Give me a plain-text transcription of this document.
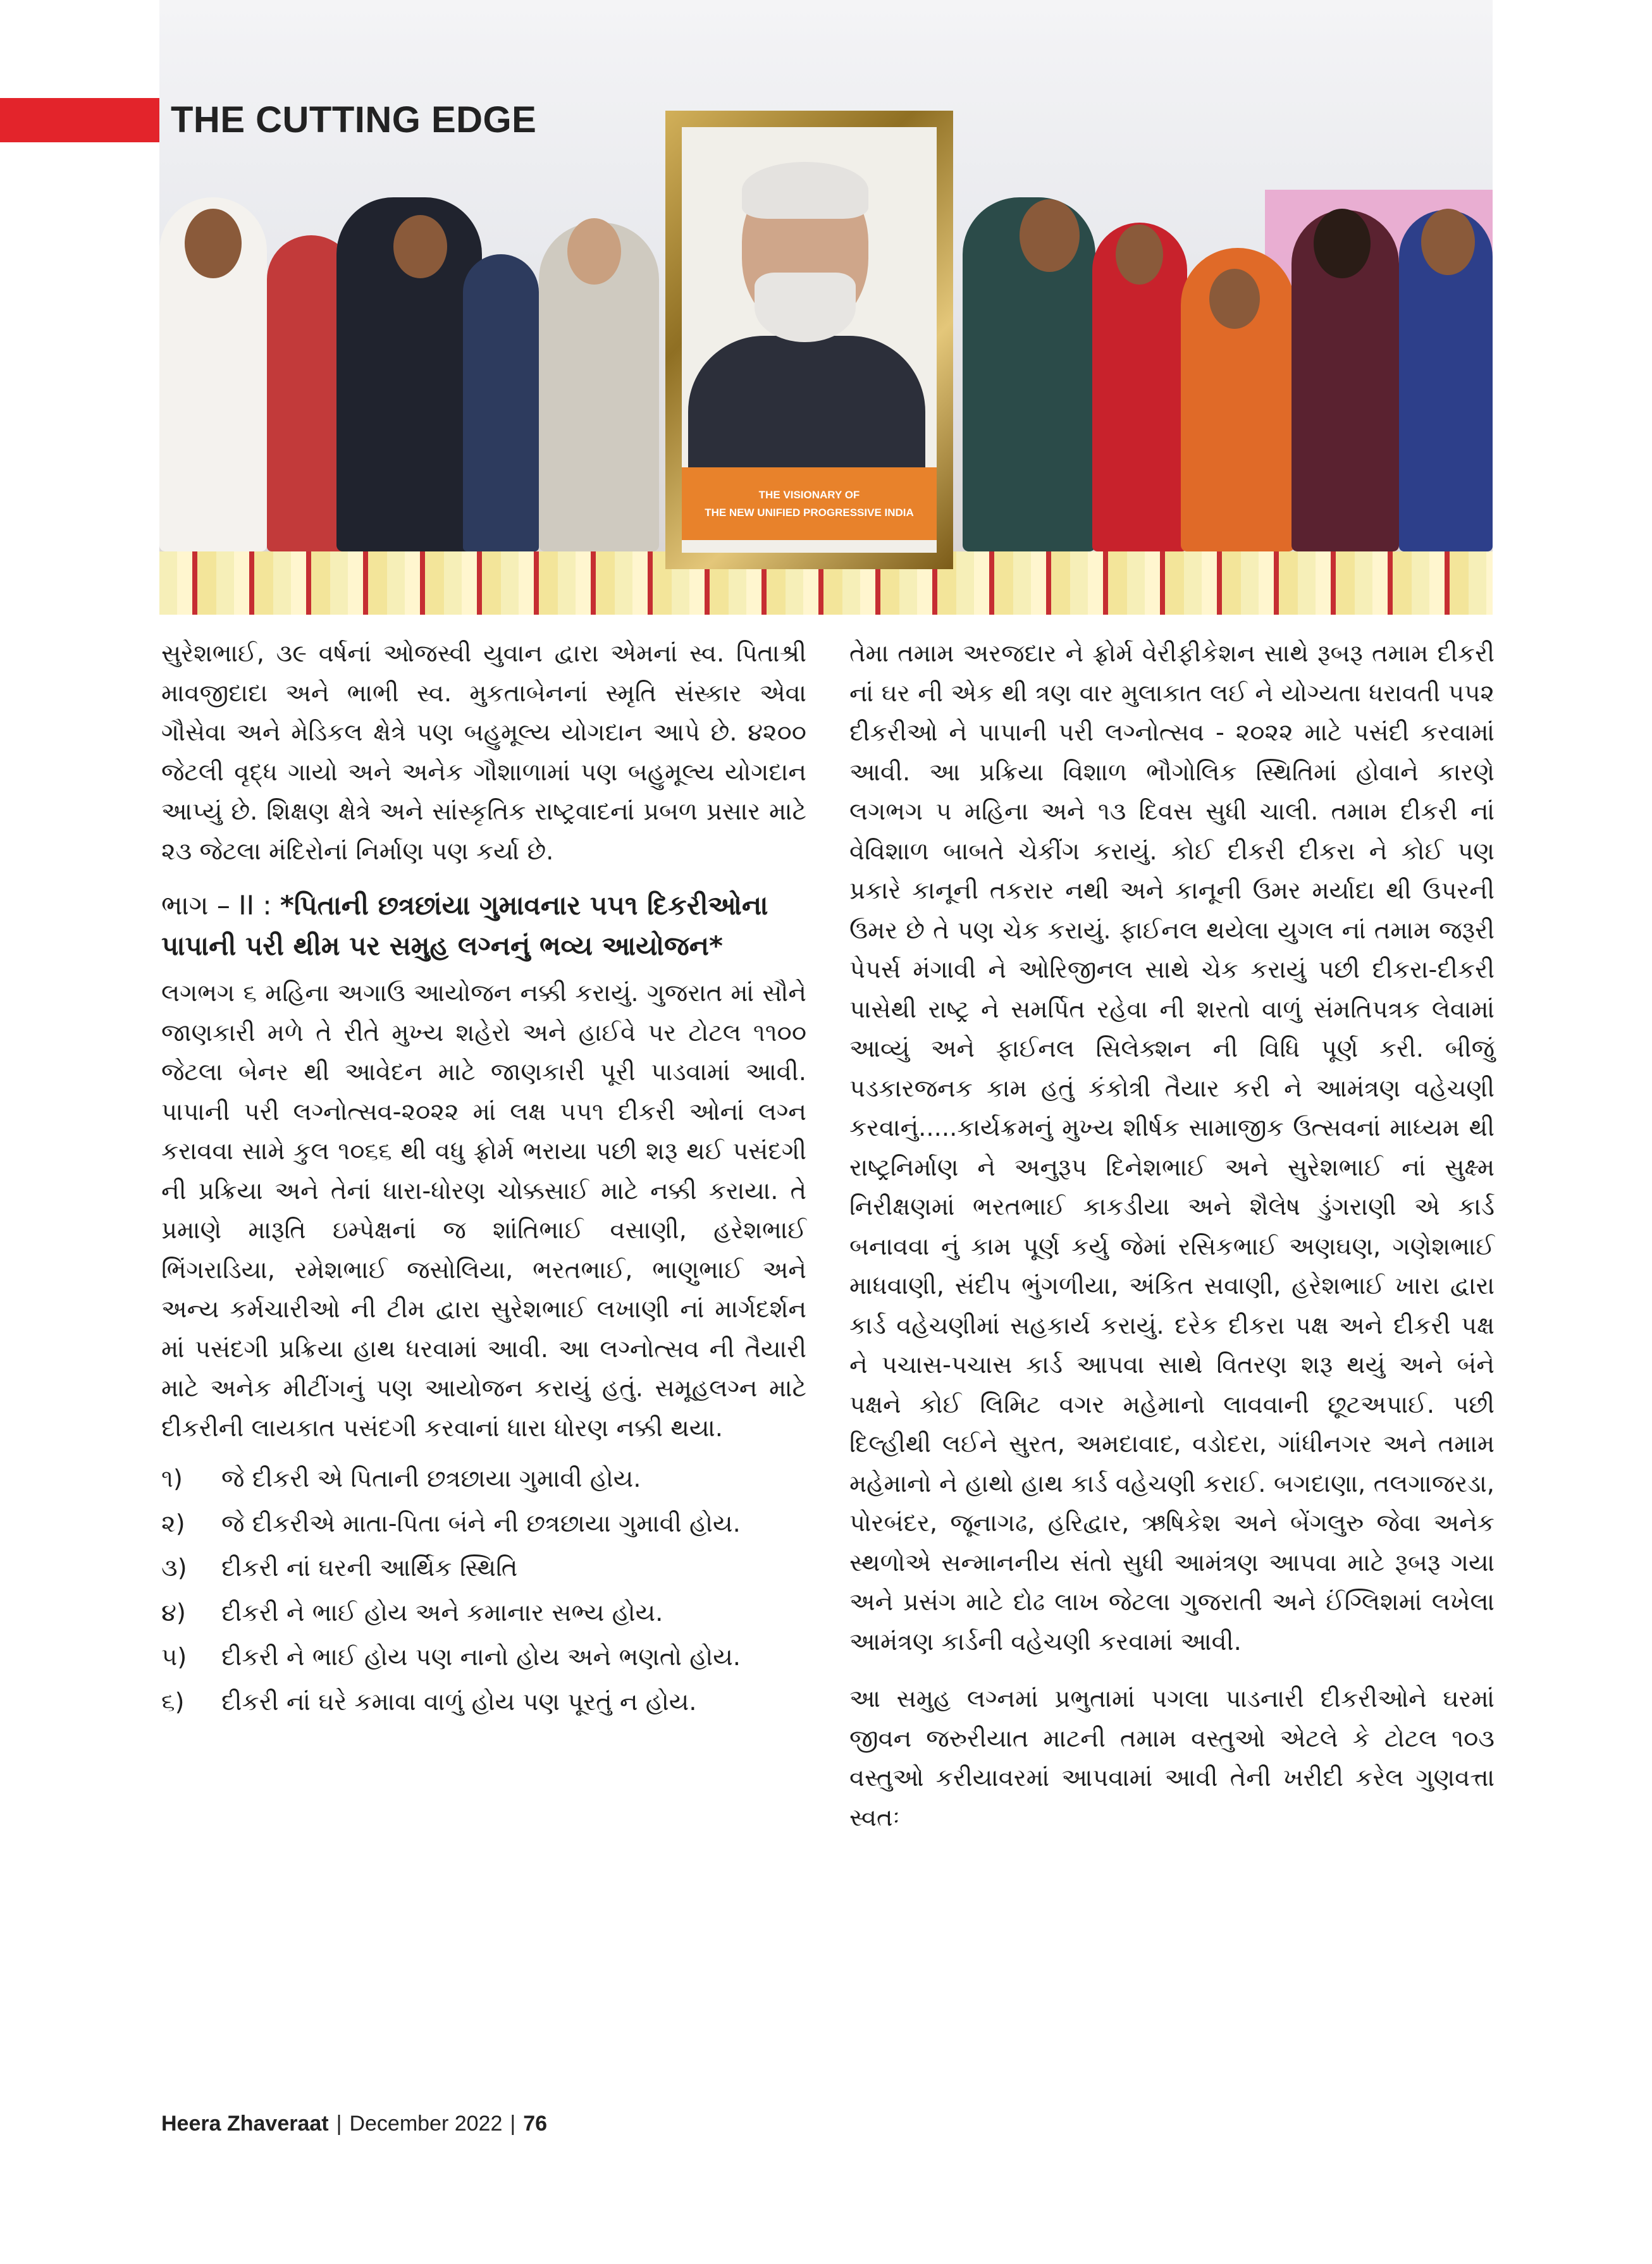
THE VISIONARY OF
THE NEW UNIFIED PROGRESSIVE INDIA
THE CUTTING EDGE

સુરેશભાઈ, ૩૯ વર્ષનાં ઓજસ્વી યુવાન દ્વારા એમનાં સ્વ. પિતાશ્રી માવજીદાદા અને ભાભી સ્વ. મુકતાબેનનાં સ્મૃતિ સંસ્કાર એવા ગૌસેવા અને મેડિકલ ક્ષેત્રે પણ બહુમૂલ્ય યોગદાન આપે છે. ૪૨૦૦ જેટલી વૃદ્ધ ગાયો અને અનેક ગૌશાળામાં પણ બહુમૂલ્ય યોગદાન આપ્યું છે. શિક્ષણ ક્ષેત્રે અને સાંસ્કૃતિક રાષ્ટ્રવાદનાં પ્રબળ પ્રસાર માટે ૨૩ જેટલા મંદિરોનાં નિર્માણ પણ કર્યા છે.

ભાગ – II : *પિતાની છત્રછાંયા ગુમાવનાર ૫૫૧ દિકરીઓના પાપાની પરી થીમ પર સમુહ લગ્નનું ભવ્ય આયોજન*

લગભગ ૬ મહિના અગાઉ આયોજન નક્કી કરાયું. ગુજરાત માં સૌને જાણકારી મળે તે રીતે મુખ્ય શહેરો અને હાઈવે પર ટોટલ ૧૧૦૦ જેટલા બેનર થી આવેદન માટે જાણકારી પૂરી પાડવામાં આવી. પાપાની પરી લગ્નોત્સવ-૨૦૨૨ માં લક્ષ ૫૫૧ દીકરી ઓનાં લગ્ન કરાવવા સામે કુલ ૧૦૬૬ થી વધુ ફ્રોર્મ ભરાયા પછી શરૂ થઈ પસંદગી ની પ્રક્રિયા અને તેનાં ધારા-ધોરણ ચોક્કસાઈ માટે નક્કી કરાયા. તે પ્રમાણે મારૂતિ ઇમ્પેક્ષનાં જ શાંતિભાઈ વસાણી, હરેશભાઈ ભિંગરાડિયા, રમેશભાઈ જસોલિયા, ભરતભાઈ, ભાણુભાઈ અને અન્ય કર્મચારીઓ ની ટીમ દ્વારા સુરેશભાઈ લખાણી નાં માર્ગદર્શન માં પસંદગી પ્રક્રિયા હાથ ધરવામાં આવી. આ લગ્નોત્સવ ની તૈયારી માટે અનેક મીટીંગનું પણ આયોજન કરાયું હતું. સમૂહલગ્ન માટે દીકરીની લાયકાત પસંદગી કરવાનાં ધારા ધોરણ નક્કી થયા.

૧)	જે દીકરી એ પિતાની છત્રછાયા ગુમાવી હોય.
૨)	જે દીકરીએ માતા-પિતા બંને ની છત્રછાયા ગુમાવી હોય.
૩)	દીકરી નાં ઘરની આર્થિક સ્થિતિ
૪)	દીકરી ને ભાઈ હોય અને કમાનાર સભ્ય હોય.
૫)	દીકરી ને ભાઈ હોય પણ નાનો હોય અને ભણતો હોય.
૬)	દીકરી નાં ઘરે કમાવા વાળું હોય પણ પૂરતું ન હોય.

તેમા તમામ અરજદાર ને ફ્રોર્મ વેરીફીકેશન સાથે રૂબરૂ તમામ દીકરી નાં ઘર ની એક થી ત્રણ વાર મુલાકાત લઈ ને યોગ્યતા ધરાવતી ૫૫૨ દીકરીઓ ને પાપાની પરી લગ્નોત્સવ - ૨૦૨૨ માટે પસંદી કરવામાં આવી. આ પ્રક્રિયા વિશાળ ભૌગોલિક સ્થિતિમાં હોવાને કારણે લગભગ ૫ મહિના અને ૧૩ દિવસ સુધી ચાલી. તમામ દીકરી નાં વેવિશાળ બાબતે ચેકીંગ કરાયું. કોઈ દીકરી દીકરા ને કોઈ પણ પ્રકારે કાનૂની તકરાર નથી અને કાનૂની ઉમર મર્યાદા થી ઉપરની ઉમર છે તે પણ ચેક કરાયું. ફાઈનલ થયેલા યુગલ નાં તમામ જરૂરી પેપર્સ મંગાવી ને ઓરિજીનલ સાથે ચેક કરાયું પછી દીકરા-દીકરી પાસેથી રાષ્ટ્ર ને સમર્પિત રહેવા ની શરતો વાળું સંમતિપત્રક લેવામાં આવ્યું અને ફાઈનલ સિલેક્શન ની વિધિ પૂર્ણ કરી. બીજું પડકારજનક કામ હતું કંકોત્રી તૈયાર કરી ને આમંત્રણ વહેચણી કરવાનું.....કાર્યક્રમનું મુખ્ય શીર્ષક સામાજીક ઉત્સવનાં માધ્યમ થી રાષ્ટ્રનિર્માણ ને અનુરૂપ દિનેશભાઈ અને સુરેશભાઈ નાં સુક્ષ્મ નિરીક્ષણમાં ભરતભાઈ કાકડીયા અને શૈલેષ ડુંગરાણી એ કાર્ડ બનાવવા નું કામ પૂર્ણ કર્યુ જેમાં રસિકભાઈ અણઘણ, ગણેશભાઈ માધવાણી, સંદીપ ભુંગળીયા, અંકિત સવાણી, હરેશભાઈ ખારા દ્વારા કાર્ડ વહેચણીમાં સહકાર્ય કરાયું. દરેક દીકરા પક્ષ અને દીકરી પક્ષ ને પચાસ-પચાસ કાર્ડ આપવા સાથે વિતરણ શરૂ થયું અને બંને પક્ષને કોઈ લિમિટ વગર મહેમાનો લાવવાની છૂટઅપાઈ. પછી દિલ્હીથી લઈને સુરત, અમદાવાદ, વડોદરા, ગાંધીનગર અને તમામ મહેમાનો ને હાથો હાથ કાર્ડ વહેચણી કરાઈ. બગદાણા, તલગાજરડા, પોરબંદર, જૂનાગઢ, હરિદ્વાર, ઋષિકેશ અને બેંગલુરુ જેવા અનેક સ્થળોએ સન્માનનીય સંતો સુધી આમંત્રણ આપવા માટે રૂબરૂ ગયા અને પ્રસંગ માટે દોઢ લાખ જેટલા ગુજરાતી અને ઈંગ્લિશમાં લખેલા આમંત્રણ કાર્ડની વહેચણી કરવામાં આવી.

આ સમુહ લગ્નમાં પ્રભુતામાં પગલા પાડનારી દીકરીઓને ઘરમાં જીવન જરુરીયાત માટની તમામ વસ્તુઓ એટલે કે ટોટલ ૧૦૩ વસ્તુઓ કરીયાવરમાં આપવામાં આવી તેની ખરીદી કરેલ ગુણવત્તા સ્વતઃ

Heera Zhaveraat | December 2022 | 76
